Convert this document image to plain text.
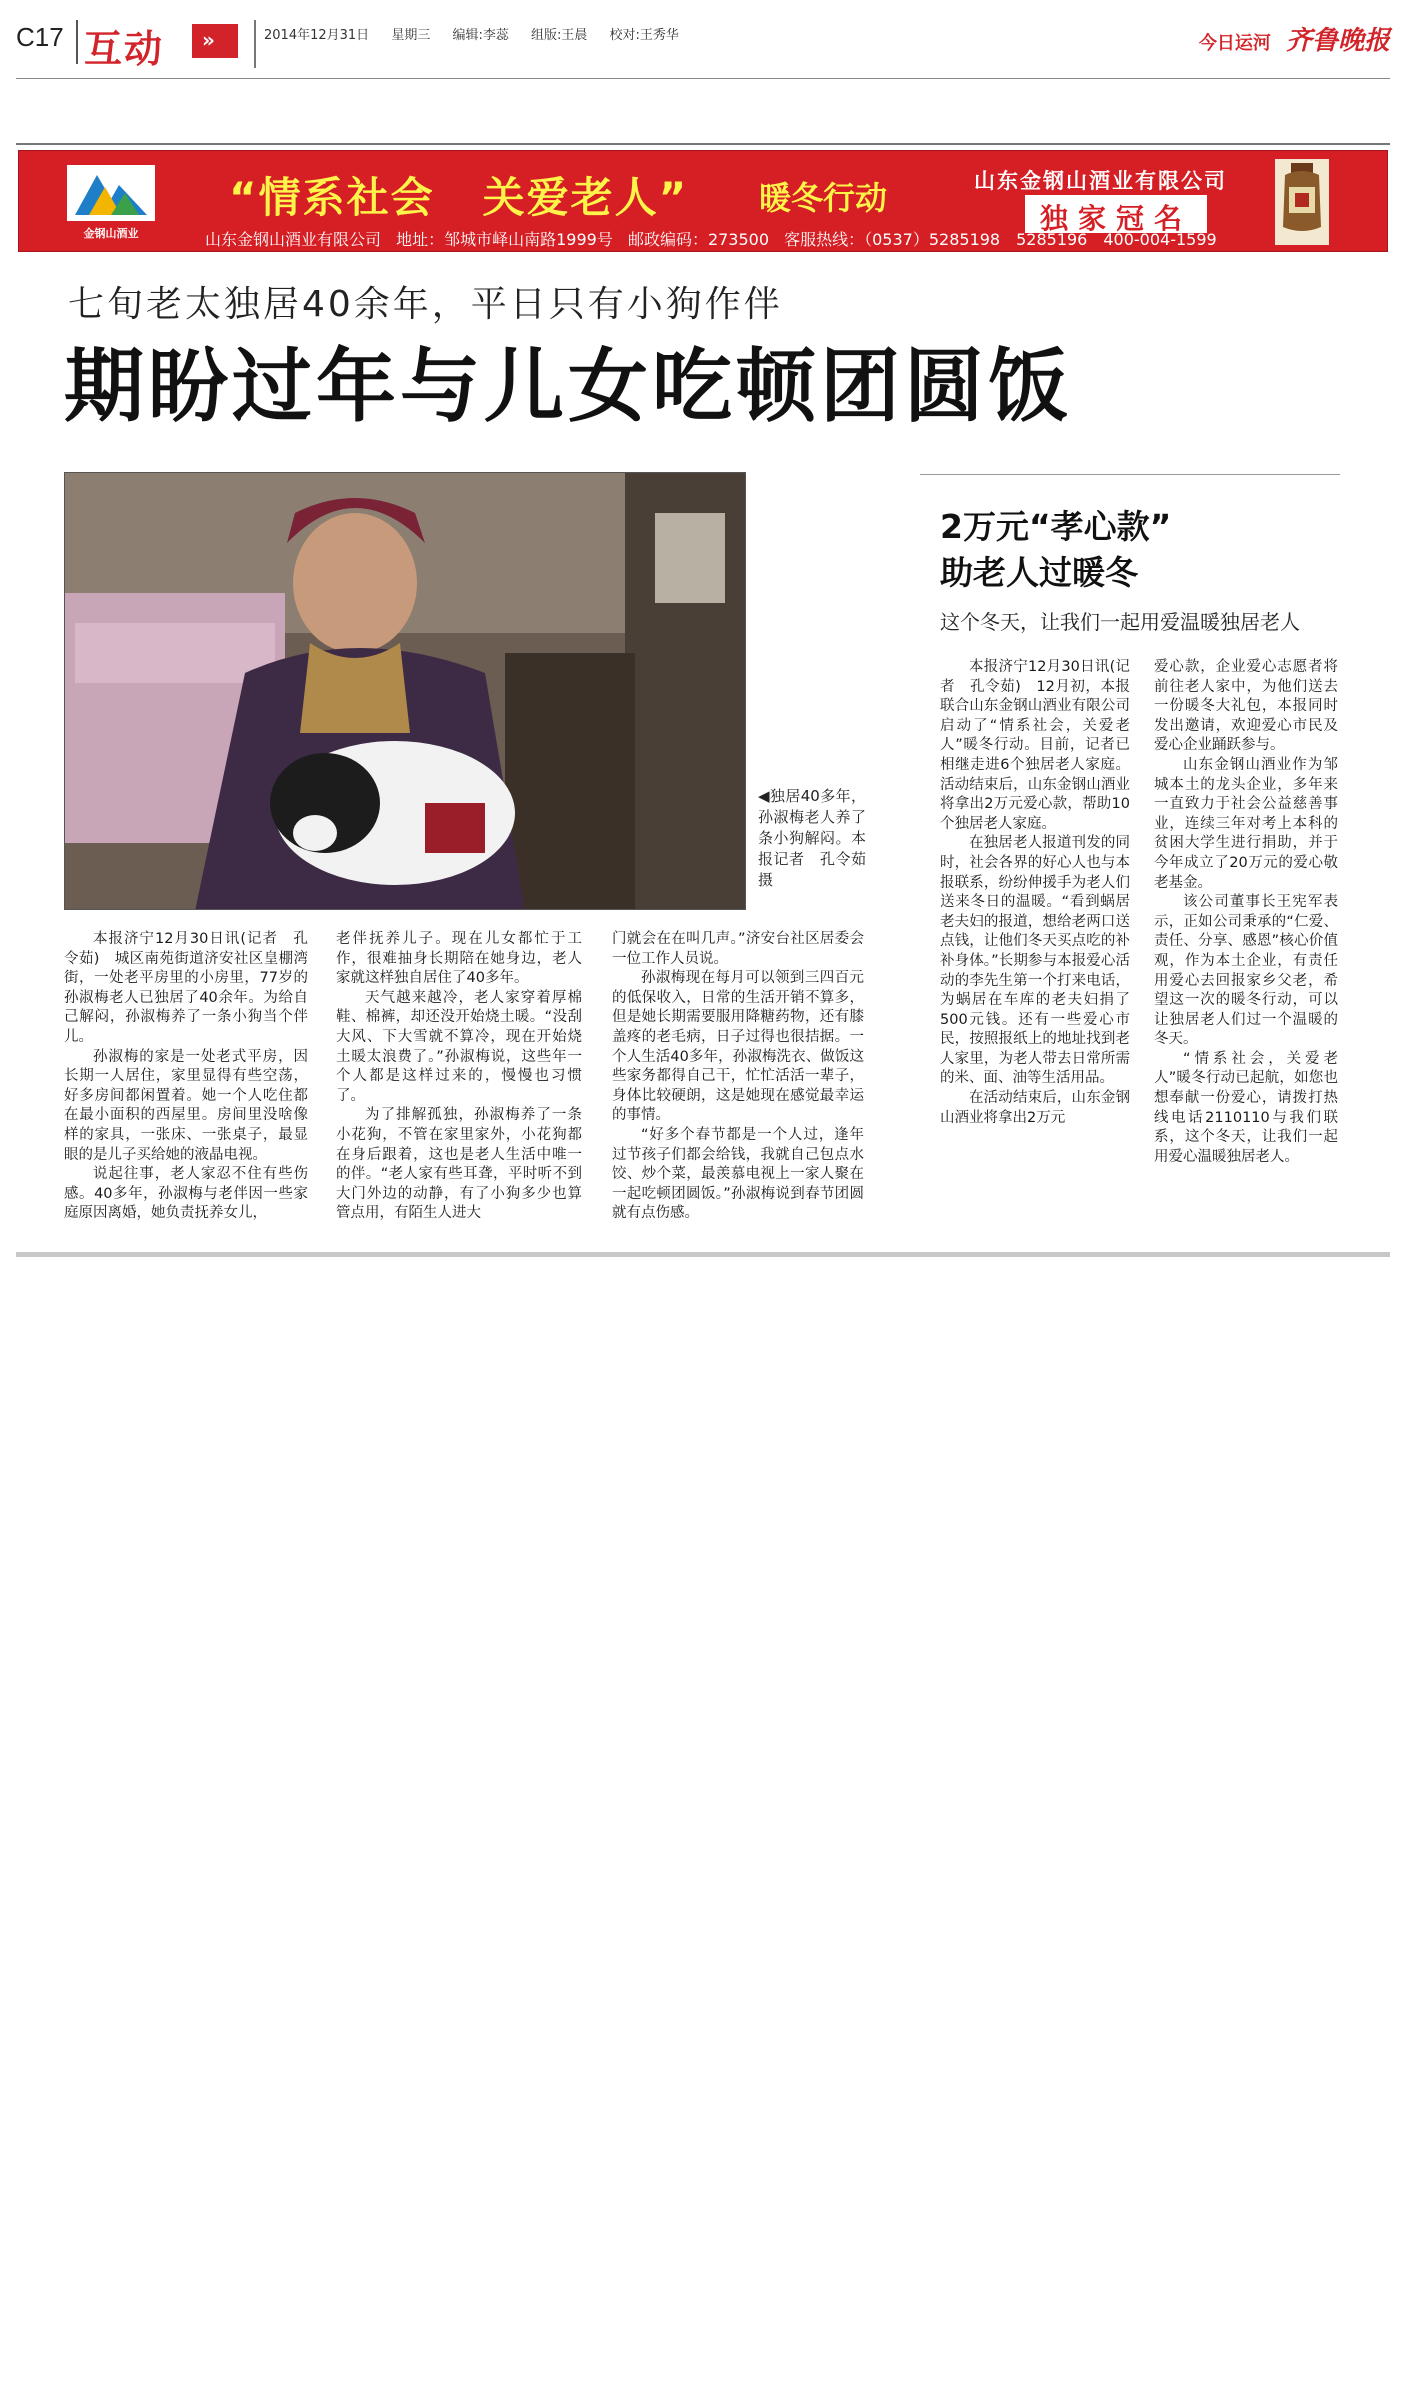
C17 互动 »	2014年12月31日 星期三 编辑:李蕊 组版:王晨 校对:王秀华	今日运河 齐鲁晚报
金钢山酒业
“情系社会 关爱老人” 暖冬行动	山东金钢山酒业有限公司
独家冠名
山东金钢山酒业有限公司 地址：邹城市峄山南路1999号 邮政编码：273500 客服热线：（0537）5285198　5285196　400-004-1599
七旬老太独居40余年，平日只有小狗作伴
期盼过年与儿女吃顿团圆饭
◀独居40多年，孙淑梅老人养了条小狗解闷。本报记者　孔令茹　摄

本报济宁12月30日讯(记者　孔令茹)　城区南苑街道济安社区皇棚湾街，一处老平房里的小房里，77岁的孙淑梅老人已独居了40余年。为给自己解闷，孙淑梅养了一条小狗当个伴儿。

孙淑梅的家是一处老式平房，因长期一人居住，家里显得有些空荡，好多房间都闲置着。她一个人吃住都在最小面积的西屋里。房间里没啥像样的家具，一张床、一张桌子，最显眼的是儿子买给她的液晶电视。

说起往事，老人家忍不住有些伤感。40多年，孙淑梅与老伴因一些家庭原因离婚，她负责抚养女儿，

老伴抚养儿子。现在儿女都忙于工作，很难抽身长期陪在她身边，老人家就这样独自居住了40多年。

天气越来越冷，老人家穿着厚棉鞋、棉裤，却还没开始烧土暖。“没刮大风、下大雪就不算冷，现在开始烧土暖太浪费了。”孙淑梅说，这些年一个人都是这样过来的，慢慢也习惯了。

为了排解孤独，孙淑梅养了一条小花狗，不管在家里家外，小花狗都在身后跟着，这也是老人生活中唯一的伴。“老人家有些耳聋，平时听不到大门外边的动静，有了小狗多少也算管点用，有陌生人进大

门就会在在叫几声。”济安台社区居委会一位工作人员说。

孙淑梅现在每月可以领到三四百元的低保收入，日常的生活开销不算多，但是她长期需要服用降糖药物，还有膝盖疼的老毛病，日子过得也很拮据。一个人生活40多年，孙淑梅洗衣、做饭这些家务都得自己干，忙忙活活一辈子，身体比较硬朗，这是她现在感觉最幸运的事情。

“好多个春节都是一个人过，逢年过节孩子们都会给钱，我就自己包点水饺、炒个菜，最羡慕电视上一家人聚在一起吃顿团圆饭。”孙淑梅说到春节团圆就有点伤感。

2万元“孝心款”
助老人过暖冬
这个冬天，让我们一起用爱温暖独居老人

本报济宁12月30日讯(记者　孔令茹)　12月初，本报联合山东金钢山酒业有限公司启动了“情系社会，关爱老人”暖冬行动。目前，记者已相继走进6个独居老人家庭。活动结束后，山东金钢山酒业将拿出2万元爱心款，帮助10个独居老人家庭。

在独居老人报道刊发的同时，社会各界的好心人也与本报联系，纷纷伸援手为老人们送来冬日的温暖。“看到蜗居老夫妇的报道，想给老两口送点钱，让他们冬天买点吃的补补身体。”长期参与本报爱心活动的李先生第一个打来电话，为蜗居在车库的老夫妇捐了500元钱。还有一些爱心市民，按照报纸上的地址找到老人家里，为老人带去日常所需的米、面、油等生活用品。

在活动结束后，山东金钢山酒业将拿出2万元

爱心款，企业爱心志愿者将前往老人家中，为他们送去一份暖冬大礼包，本报同时发出邀请，欢迎爱心市民及爱心企业踊跃参与。

山东金钢山酒业作为邹城本土的龙头企业，多年来一直致力于社会公益慈善事业，连续三年对考上本科的贫困大学生进行捐助，并于今年成立了20万元的爱心敬老基金。

该公司董事长王宪军表示，正如公司秉承的“仁爱、责任、分享、感恩”核心价值观，作为本土企业，有责任用爱心去回报家乡父老，希望这一次的暖冬行动，可以让独居老人们过一个温暖的冬天。

“情系社会，关爱老人”暖冬行动已起航，如您也想奉献一份爱心，请拨打热线电话2110110与我们联系，这个冬天，让我们一起用爱心温暖独居老人。
